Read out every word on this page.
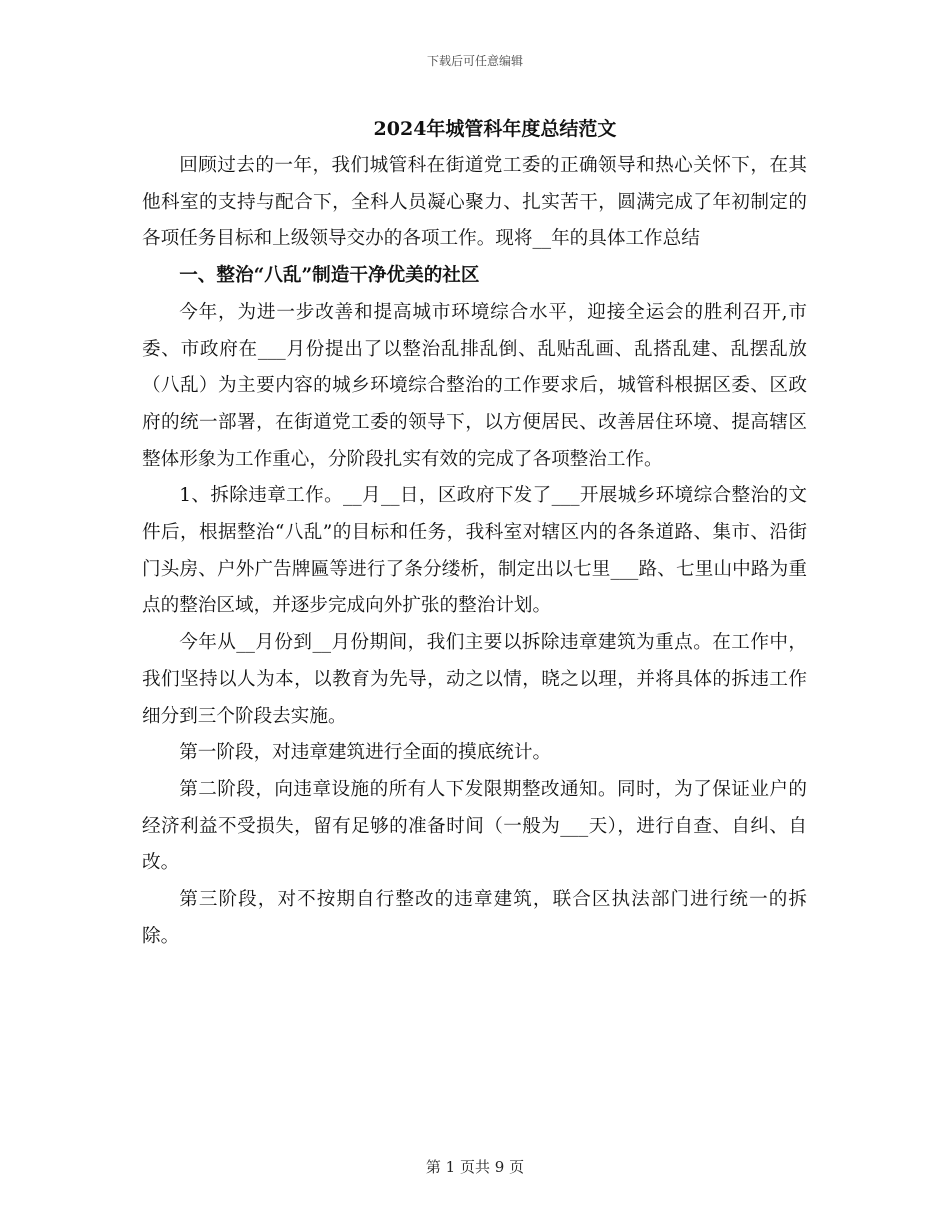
下载后可任意编辑
2024年城管科年度总结范文

回顾过去的一年，我们城管科在街道党工委的正确领导和热心关怀下，在其他科室的支持与配合下，全科人员凝心聚力、扎实苦干，圆满完成了年初制定的各项任务目标和上级领导交办的各项工作。现将__年的具体工作总结

一、整治“八乱”制造干净优美的社区

今年，为进一步改善和提高城市环境综合水平，迎接全运会的胜利召开,市委、市政府在___月份提出了以整治乱排乱倒、乱贴乱画、乱搭乱建、乱摆乱放（八乱）为主要内容的城乡环境综合整治的工作要求后，城管科根据区委、区政府的统一部署，在街道党工委的领导下，以方便居民、改善居住环境、提高辖区整体形象为工作重心，分阶段扎实有效的完成了各项整治工作。

1、拆除违章工作。__月__日，区政府下发了___开展城乡环境综合整治的文件后，根据整治“八乱”的目标和任务，我科室对辖区内的各条道路、集市、沿街门头房、户外广告牌匾等进行了条分缕析，制定出以七里___路、七里山中路为重点的整治区域，并逐步完成向外扩张的整治计划。

今年从__月份到__月份期间，我们主要以拆除违章建筑为重点。在工作中，我们坚持以人为本，以教育为先导，动之以情，晓之以理，并将具体的拆违工作细分到三个阶段去实施。

第一阶段，对违章建筑进行全面的摸底统计。

第二阶段，向违章设施的所有人下发限期整改通知。同时，为了保证业户的经济利益不受损失，留有足够的准备时间（一般为___天），进行自查、自纠、自改。

第三阶段，对不按期自行整改的违章建筑，联合区执法部门进行统一的拆除。

第 1 页共 9 页
